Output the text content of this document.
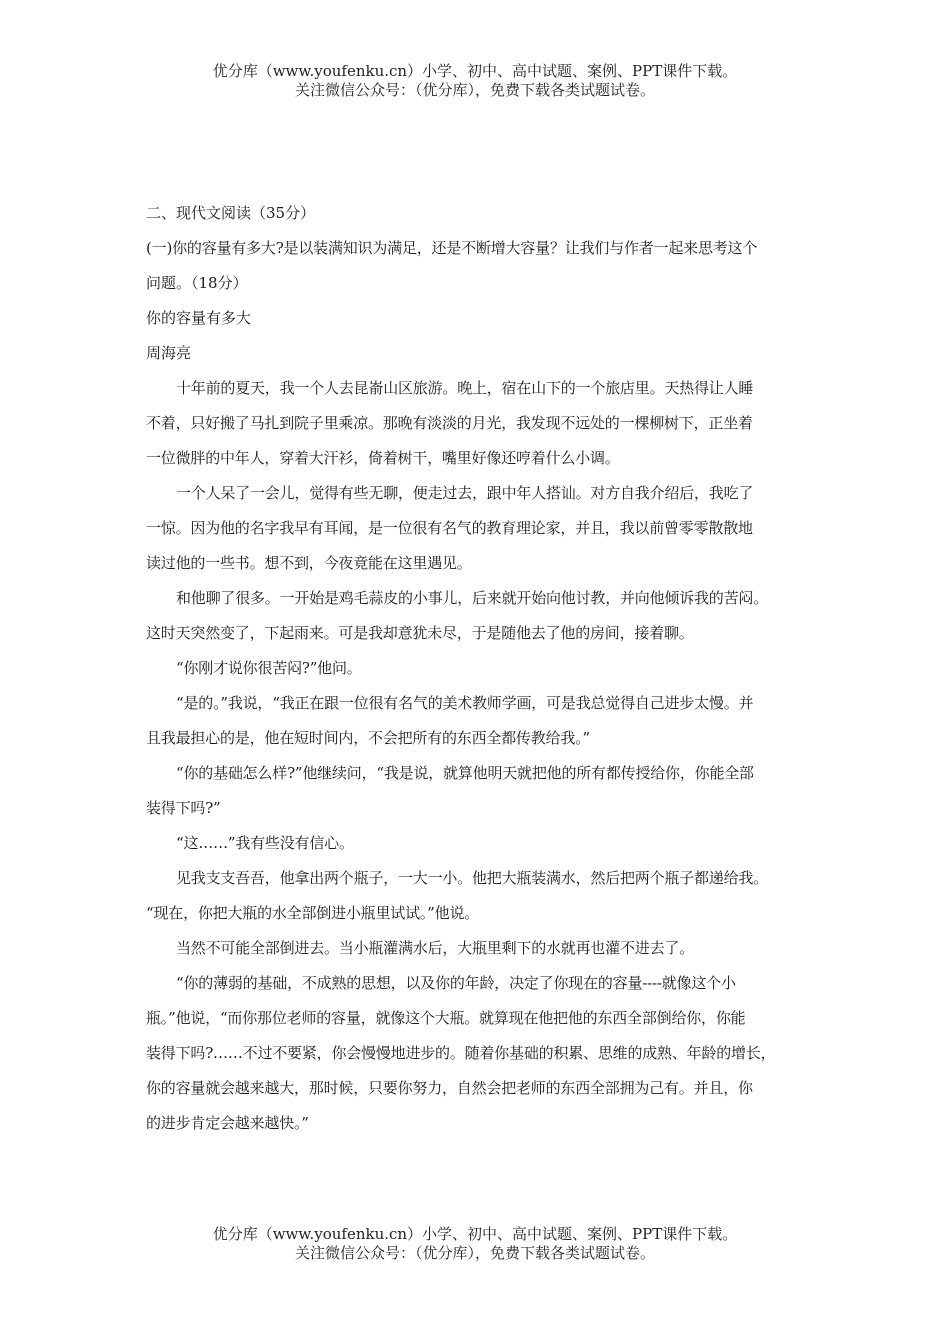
优分库（www.youfenku.cn）小学、初中、高中试题、案例、PPT课件下载。
关注微信公众号：（优分库），免费下载各类试题试卷。
二、现代文阅读（35分）
(一)你的容量有多大?是以装满知识为满足，还是不断增大容量？让我们与作者一起来思考这个
问题。（18分）
你的容量有多大
周海亮
十年前的夏天，我一个人去昆嵛山区旅游。晚上，宿在山下的一个旅店里。天热得让人睡
不着，只好搬了马扎到院子里乘凉。那晚有淡淡的月光，我发现不远处的一棵柳树下，正坐着
一位微胖的中年人，穿着大汗衫，倚着树干，嘴里好像还哼着什么小调。
一个人呆了一会儿，觉得有些无聊，便走过去，跟中年人搭讪。对方自我介绍后，我吃了
一惊。因为他的名字我早有耳闻，是一位很有名气的教育理论家，并且，我以前曾零零散散地
读过他的一些书。想不到，今夜竟能在这里遇见。
和他聊了很多。一开始是鸡毛蒜皮的小事儿，后来就开始向他讨教，并向他倾诉我的苦闷。
这时天突然变了，下起雨来。可是我却意犹未尽，于是随他去了他的房间，接着聊。
“你刚才说你很苦闷?”他问。
“是的。”我说，“我正在跟一位很有名气的美术教师学画，可是我总觉得自己进步太慢。并
且我最担心的是，他在短时间内，不会把所有的东西全都传教给我。”
“你的基础怎么样?”他继续问，“我是说，就算他明天就把他的所有都传授给你，你能全部
装得下吗?”
“这……”我有些没有信心。
见我支支吾吾，他拿出两个瓶子，一大一小。他把大瓶装满水，然后把两个瓶子都递给我。
“现在，你把大瓶的水全部倒进小瓶里试试。”他说。
当然不可能全部倒进去。当小瓶灌满水后，大瓶里剩下的水就再也灌不进去了。
“你的薄弱的基础，不成熟的思想，以及你的年龄，决定了你现在的容量----就像这个小
瓶。”他说，“而你那位老师的容量，就像这个大瓶。就算现在他把他的东西全部倒给你，你能
装得下吗?……不过不要紧，你会慢慢地进步的。随着你基础的积累、思维的成熟、年龄的增长，
你的容量就会越来越大，那时候，只要你努力，自然会把老师的东西全部拥为己有。并且，你
的进步肯定会越来越快。”
优分库（www.youfenku.cn）小学、初中、高中试题、案例、PPT课件下载。
关注微信公众号：（优分库），免费下载各类试题试卷。
